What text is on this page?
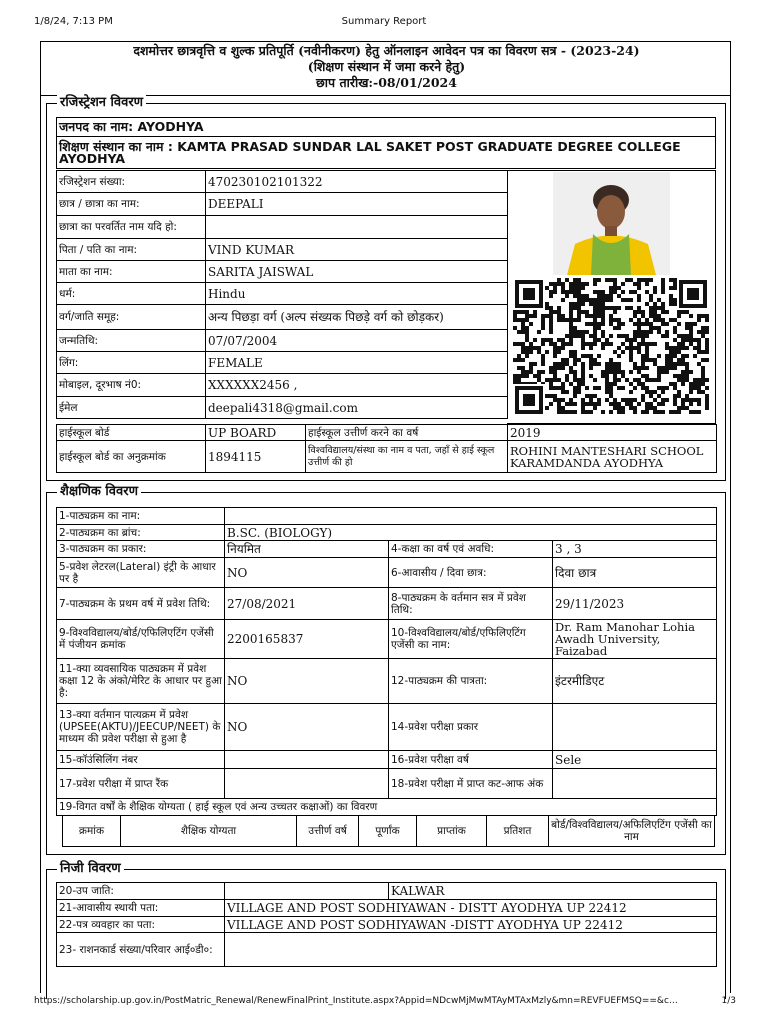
1/8/24, 7:13 PM	Summary Report
दशमोत्तर छात्रवृत्ति व शुल्क प्रतिपूर्ति (नवीनीकरण) हेतु ऑनलाइन आवेदन पत्र का विवरण सत्र - (2023-24)
(शिक्षण संस्थान में जमा करने हेतु)
छाप तारीख:-08/01/2024
रजिस्ट्रेशन विवरण
जनपद का नाम: AYODHYA
शिक्षण संस्थान का नाम : KAMTA PRASAD SUNDAR LAL SAKET POST GRADUATE DEGREE COLLEGE AYODHYA
रजिस्ट्रेशन संख्या:	470230102101322
छात्र / छात्रा का नाम:	DEEPALI
छात्रा का परवर्तित नाम यदि हो:	
पिता / पति का नाम:	VIND KUMAR
माता का नाम:	SARITA JAISWAL
धर्म:	Hindu
वर्ग/जाति समूह:	अन्य पिछड़ा वर्ग (अल्प संख्यक पिछड़े वर्ग को छोड़कर)
जन्मतिथि:	07/07/2004
लिंग:	FEMALE
मोबाइल, दूरभाष नं0:	XXXXXX2456 ,
ईमेल	deepali4318@gmail.com
हाईस्कूल बोर्ड	UP BOARD	हाईस्कूल उत्तीर्ण करने का वर्ष	2019
हाईस्कूल बोर्ड का अनुक्रमांक	1894115	विश्वविद्यालय/संस्था का नाम व पता, जहाँ से हाई स्कूल उत्तीर्ण की हो	ROHINI MANTESHARI SCHOOL KARAMDANDA AYODHYA
शैक्षणिक विवरण
1-पाठ्यक्रम का नाम:			
2-पाठ्यक्रम का ब्रांच:	B.SC. (BIOLOGY)		
3-पाठ्यक्रम का प्रकार:	नियमित	4-कक्षा का वर्ष एवं अवधि:	3 , 3
5-प्रवेश लेटरल(Lateral) इंट्री के आधार पर है	NO	6-आवासीय / दिवा छात्र:	दिवा छात्र
7-पाठ्यक्रम के प्रथम वर्ष में प्रवेश तिथि:	27/08/2021	8-पाठ्यक्रम के वर्तमान सत्र में प्रवेश तिथि:	29/11/2023
9-विश्वविद्यालय/बोर्ड/एफिलिएटिंग एजेंसी में पंजीयन क्रमांक	2200165837	10-विश्वविद्यालय/बोर्ड/एफिलिएटिंग एजेंसी का नाम:	Dr. Ram Manohar Lohia Awadh University, Faizabad
11-क्या व्यवसायिक पाठ्यक्रम में प्रवेश कक्षा 12 के अंको/मेरिट के आधार पर हुआ है:	NO	12-पाठ्यक्रम की पात्रता:	इंटरमीडिएट
13-क्या वर्तमान पात्यक्रम में प्रवेश (UPSEE(AKTU)/JEECUP/NEET) के माध्यम की प्रवेश परीक्षा से हुआ है	NO	14-प्रवेश परीक्षा प्रकार	
15-कॉउंसिलिंग नंबर		16-प्रवेश परीक्षा वर्ष	Sele
17-प्रवेश परीक्षा में प्राप्त रैंक		18-प्रवेश परीक्षा में प्राप्त कट-आफ अंक	
19-विगत वर्षों के शैक्षिक योग्यता ( हाई स्कूल एवं अन्य उच्चतर कक्षाओं) का विवरण			
क्रमांक	शैक्षिक योग्यता	उत्तीर्ण वर्ष	पूर्णांक	प्राप्तांक	प्रतिशत	बोर्ड/विश्वविद्यालय/अफिलिएटिंग एजेंसी का नाम
निजी विवरण
20-उप जाति:		KALWAR
21-आवासीय स्थायी पता:	VILLAGE AND POST SODHIYAWAN - DISTT AYODHYA UP 22412	
22-पत्र व्यवहार का पता:	VILLAGE AND POST SODHIYAWAN -DISTT AYODHYA UP 22412	
23- राशनकार्ड संख्या/परिवार आई०डी०:		
https://scholarship.up.gov.in/PostMatric_Renewal/RenewFinalPrint_Institute.aspx?Appid=NDcwMjMwMTAyMTAxMzly&mn=REVFUEFMSQ==&c…	1/3
